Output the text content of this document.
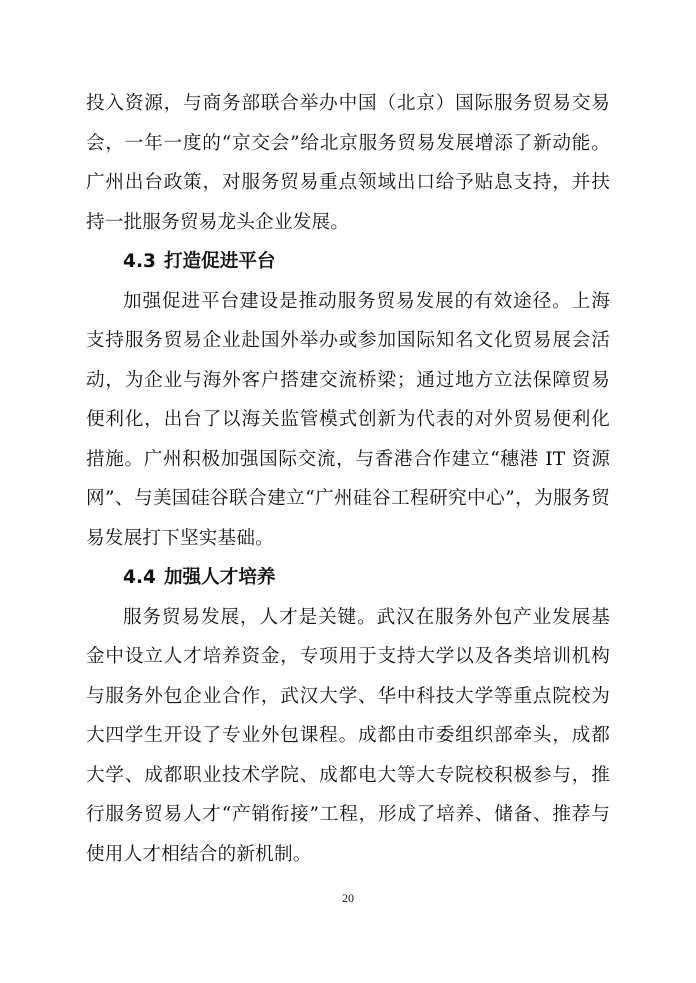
投入资源，与商务部联合举办中国（北京）国际服务贸易交易会，一年一度的“京交会”给北京服务贸易发展增添了新动能。广州出台政策，对服务贸易重点领域出口给予贴息支持，并扶持一批服务贸易龙头企业发展。

4.3 打造促进平台

加强促进平台建设是推动服务贸易发展的有效途径。上海支持服务贸易企业赴国外举办或参加国际知名文化贸易展会活动，为企业与海外客户搭建交流桥梁；通过地方立法保障贸易便利化，出台了以海关监管模式创新为代表的对外贸易便利化措施。广州积极加强国际交流，与香港合作建立“穗港 IT 资源网”、与美国硅谷联合建立“广州硅谷工程研究中心”，为服务贸易发展打下坚实基础。

4.4 加强人才培养

服务贸易发展，人才是关键。武汉在服务外包产业发展基金中设立人才培养资金，专项用于支持大学以及各类培训机构与服务外包企业合作，武汉大学、华中科技大学等重点院校为大四学生开设了专业外包课程。成都由市委组织部牵头，成都大学、成都职业技术学院、成都电大等大专院校积极参与，推行服务贸易人才“产销衔接”工程，形成了培养、储备、推荐与使用人才相结合的新机制。

20
